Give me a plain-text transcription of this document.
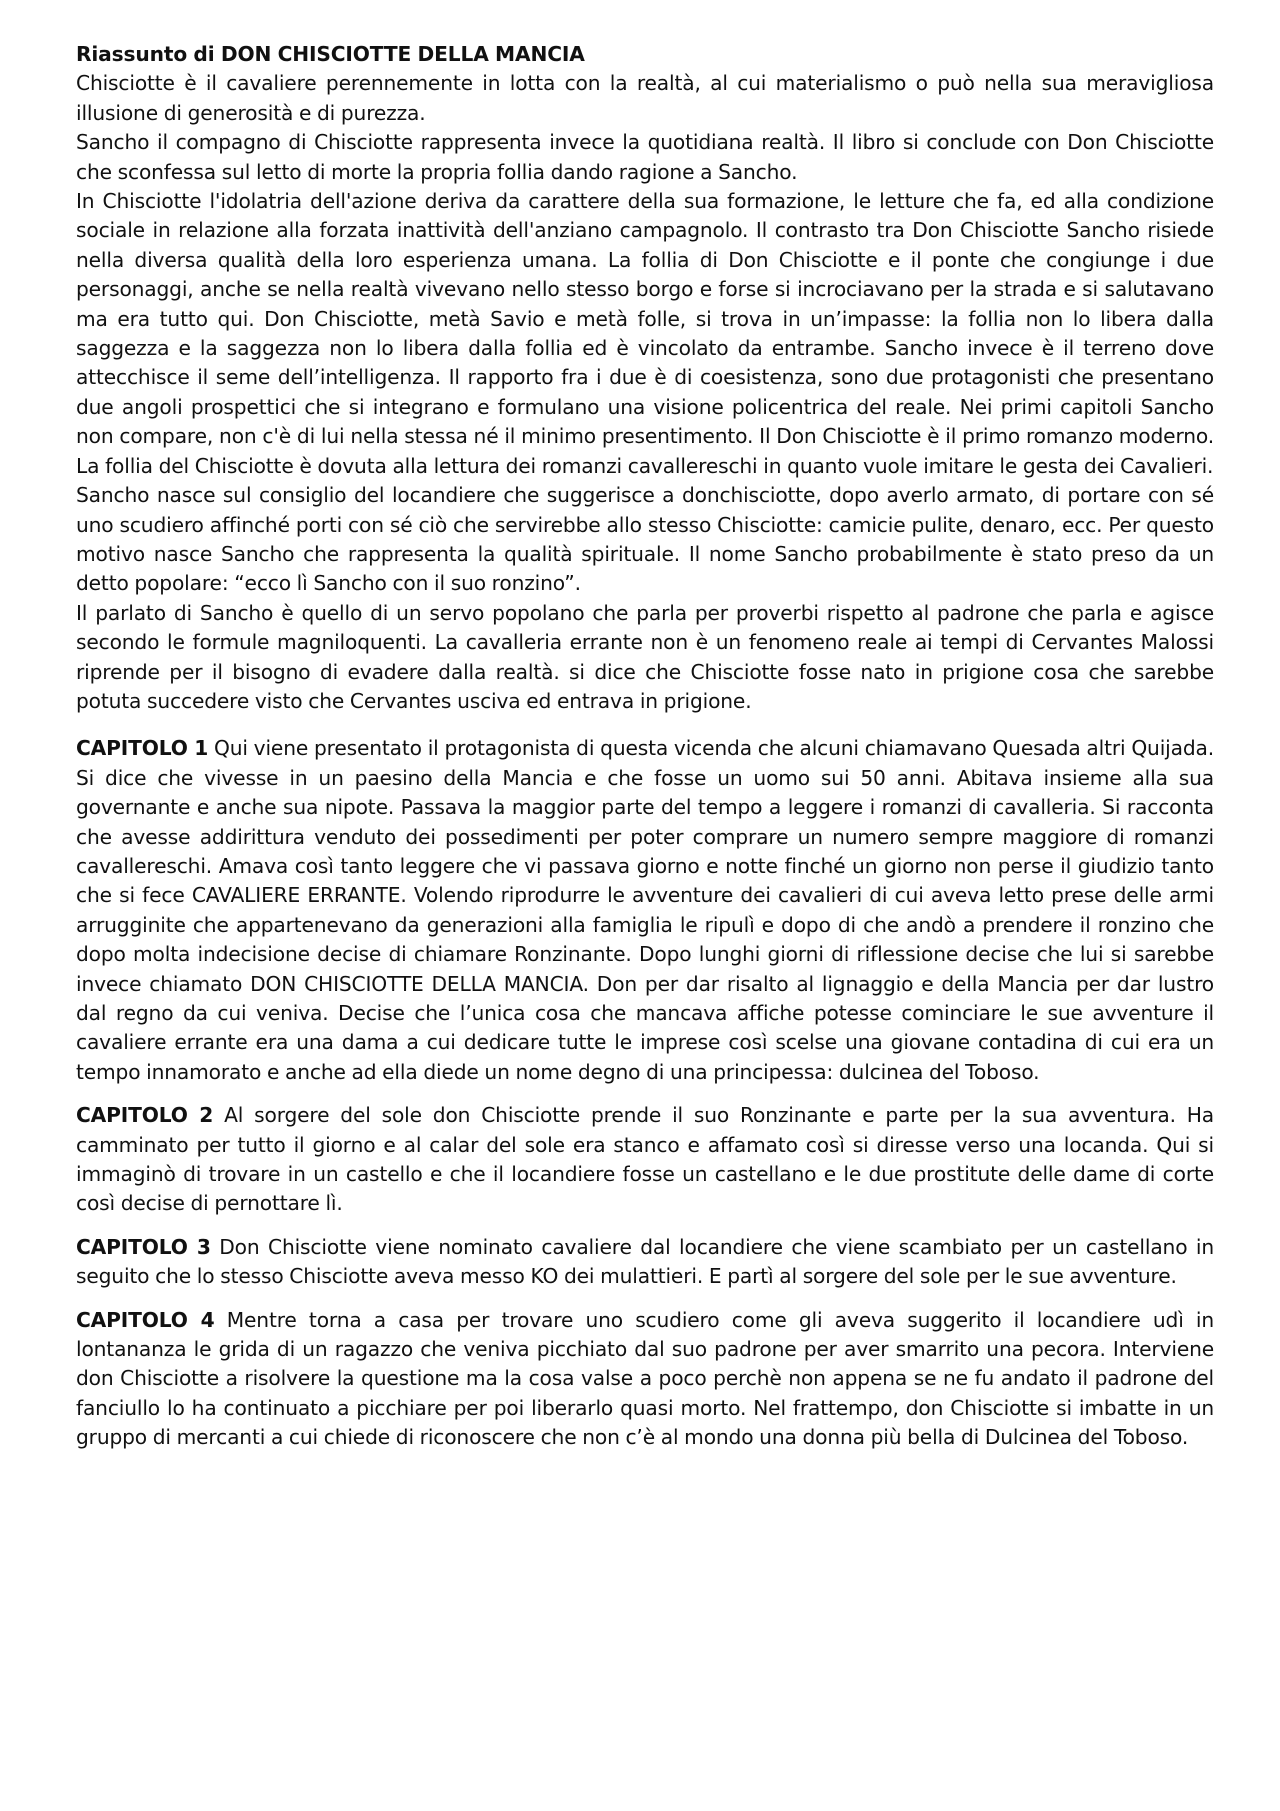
Riassunto di DON CHISCIOTTE DELLA MANCIA

Chisciotte è il cavaliere perennemente in lotta con la realtà, al cui materialismo o può nella sua meravigliosa illusione di generosità e di purezza.

Sancho il compagno di Chisciotte rappresenta invece la quotidiana realtà. Il libro si conclude con Don Chisciotte che sconfessa sul letto di morte la propria follia dando ragione a Sancho.

In Chisciotte l'idolatria dell'azione deriva da carattere della sua formazione, le letture che fa, ed alla condizione sociale in relazione alla forzata inattività dell'anziano campagnolo. Il contrasto tra Don Chisciotte Sancho risiede nella diversa qualità della loro esperienza umana. La follia di Don Chisciotte e il ponte che congiunge i due personaggi, anche se nella realtà vivevano nello stesso borgo e forse si incrociavano per la strada e si salutavano ma era tutto qui. Don Chisciotte, metà Savio e metà folle, si trova in un’impasse: la follia non lo libera dalla saggezza e la saggezza non lo libera dalla follia ed è vincolato da entrambe. Sancho invece è il terreno dove attecchisce il seme dell’intelligenza. Il rapporto fra i due è di coesistenza, sono due protagonisti che presentano due angoli prospettici che si integrano e formulano una visione policentrica del reale. Nei primi capitoli Sancho non compare, non c'è di lui nella stessa né il minimo presentimento. Il Don Chisciotte è il primo romanzo moderno. La follia del Chisciotte è dovuta alla lettura dei romanzi cavallereschi in quanto vuole imitare le gesta dei Cavalieri.

Sancho nasce sul consiglio del locandiere che suggerisce a donchisciotte, dopo averlo armato, di portare con sé uno scudiero affinché porti con sé ciò che servirebbe allo stesso Chisciotte: camicie pulite, denaro, ecc. Per questo motivo nasce Sancho che rappresenta la qualità spirituale. Il nome Sancho probabilmente è stato preso da un detto popolare: “ecco lì Sancho con il suo ronzino”.

Il parlato di Sancho è quello di un servo popolano che parla per proverbi rispetto al padrone che parla e agisce secondo le formule magniloquenti. La cavalleria errante non è un fenomeno reale ai tempi di Cervantes Malossi riprende per il bisogno di evadere dalla realtà. si dice che Chisciotte fosse nato in prigione cosa che sarebbe potuta succedere visto che Cervantes usciva ed entrava in prigione.

CAPITOLO 1 Qui viene presentato il protagonista di questa vicenda che alcuni chiamavano Quesada altri Quijada. Si dice che vivesse in un paesino della Mancia e che fosse un uomo sui 50 anni. Abitava insieme alla sua governante e anche sua nipote. Passava la maggior parte del tempo a leggere i romanzi di cavalleria. Si racconta che avesse addirittura venduto dei possedimenti per poter comprare un numero sempre maggiore di romanzi cavallereschi. Amava così tanto leggere che vi passava giorno e notte finché un giorno non perse il giudizio tanto che si fece CAVALIERE ERRANTE. Volendo riprodurre le avventure dei cavalieri di cui aveva letto prese delle armi arrugginite che appartenevano da generazioni alla famiglia le ripulì e dopo di che andò a prendere il ronzino che dopo molta indecisione decise di chiamare Ronzinante. Dopo lunghi giorni di riflessione decise che lui si sarebbe invece chiamato DON CHISCIOTTE DELLA MANCIA. Don per dar risalto al lignaggio e della Mancia per dar lustro dal regno da cui veniva. Decise che l’unica cosa che mancava affiche potesse cominciare le sue avventure il cavaliere errante era una dama a cui dedicare tutte le imprese così scelse una giovane contadina di cui era un tempo innamorato e anche ad ella diede un nome degno di una principessa: dulcinea del Toboso.

CAPITOLO 2 Al sorgere del sole don Chisciotte prende il suo Ronzinante e parte per la sua avventura. Ha camminato per tutto il giorno e al calar del sole era stanco e affamato così si diresse verso una locanda. Qui si immaginò di trovare in un castello e che il locandiere fosse un castellano e le due prostitute delle dame di corte così decise di pernottare lì.

CAPITOLO 3 Don Chisciotte viene nominato cavaliere dal locandiere che viene scambiato per un castellano in seguito che lo stesso Chisciotte aveva messo KO dei mulattieri. E partì al sorgere del sole per le sue avventure.

CAPITOLO 4 Mentre torna a casa per trovare uno scudiero come gli aveva suggerito il locandiere udì in lontananza le grida di un ragazzo che veniva picchiato dal suo padrone per aver smarrito una pecora. Interviene don Chisciotte a risolvere la questione ma la cosa valse a poco perchè non appena se ne fu andato il padrone del fanciullo lo ha continuato a picchiare per poi liberarlo quasi morto. Nel frattempo, don Chisciotte si imbatte in un gruppo di mercanti a cui chiede di riconoscere che non c’è al mondo una donna più bella di Dulcinea del Toboso.
